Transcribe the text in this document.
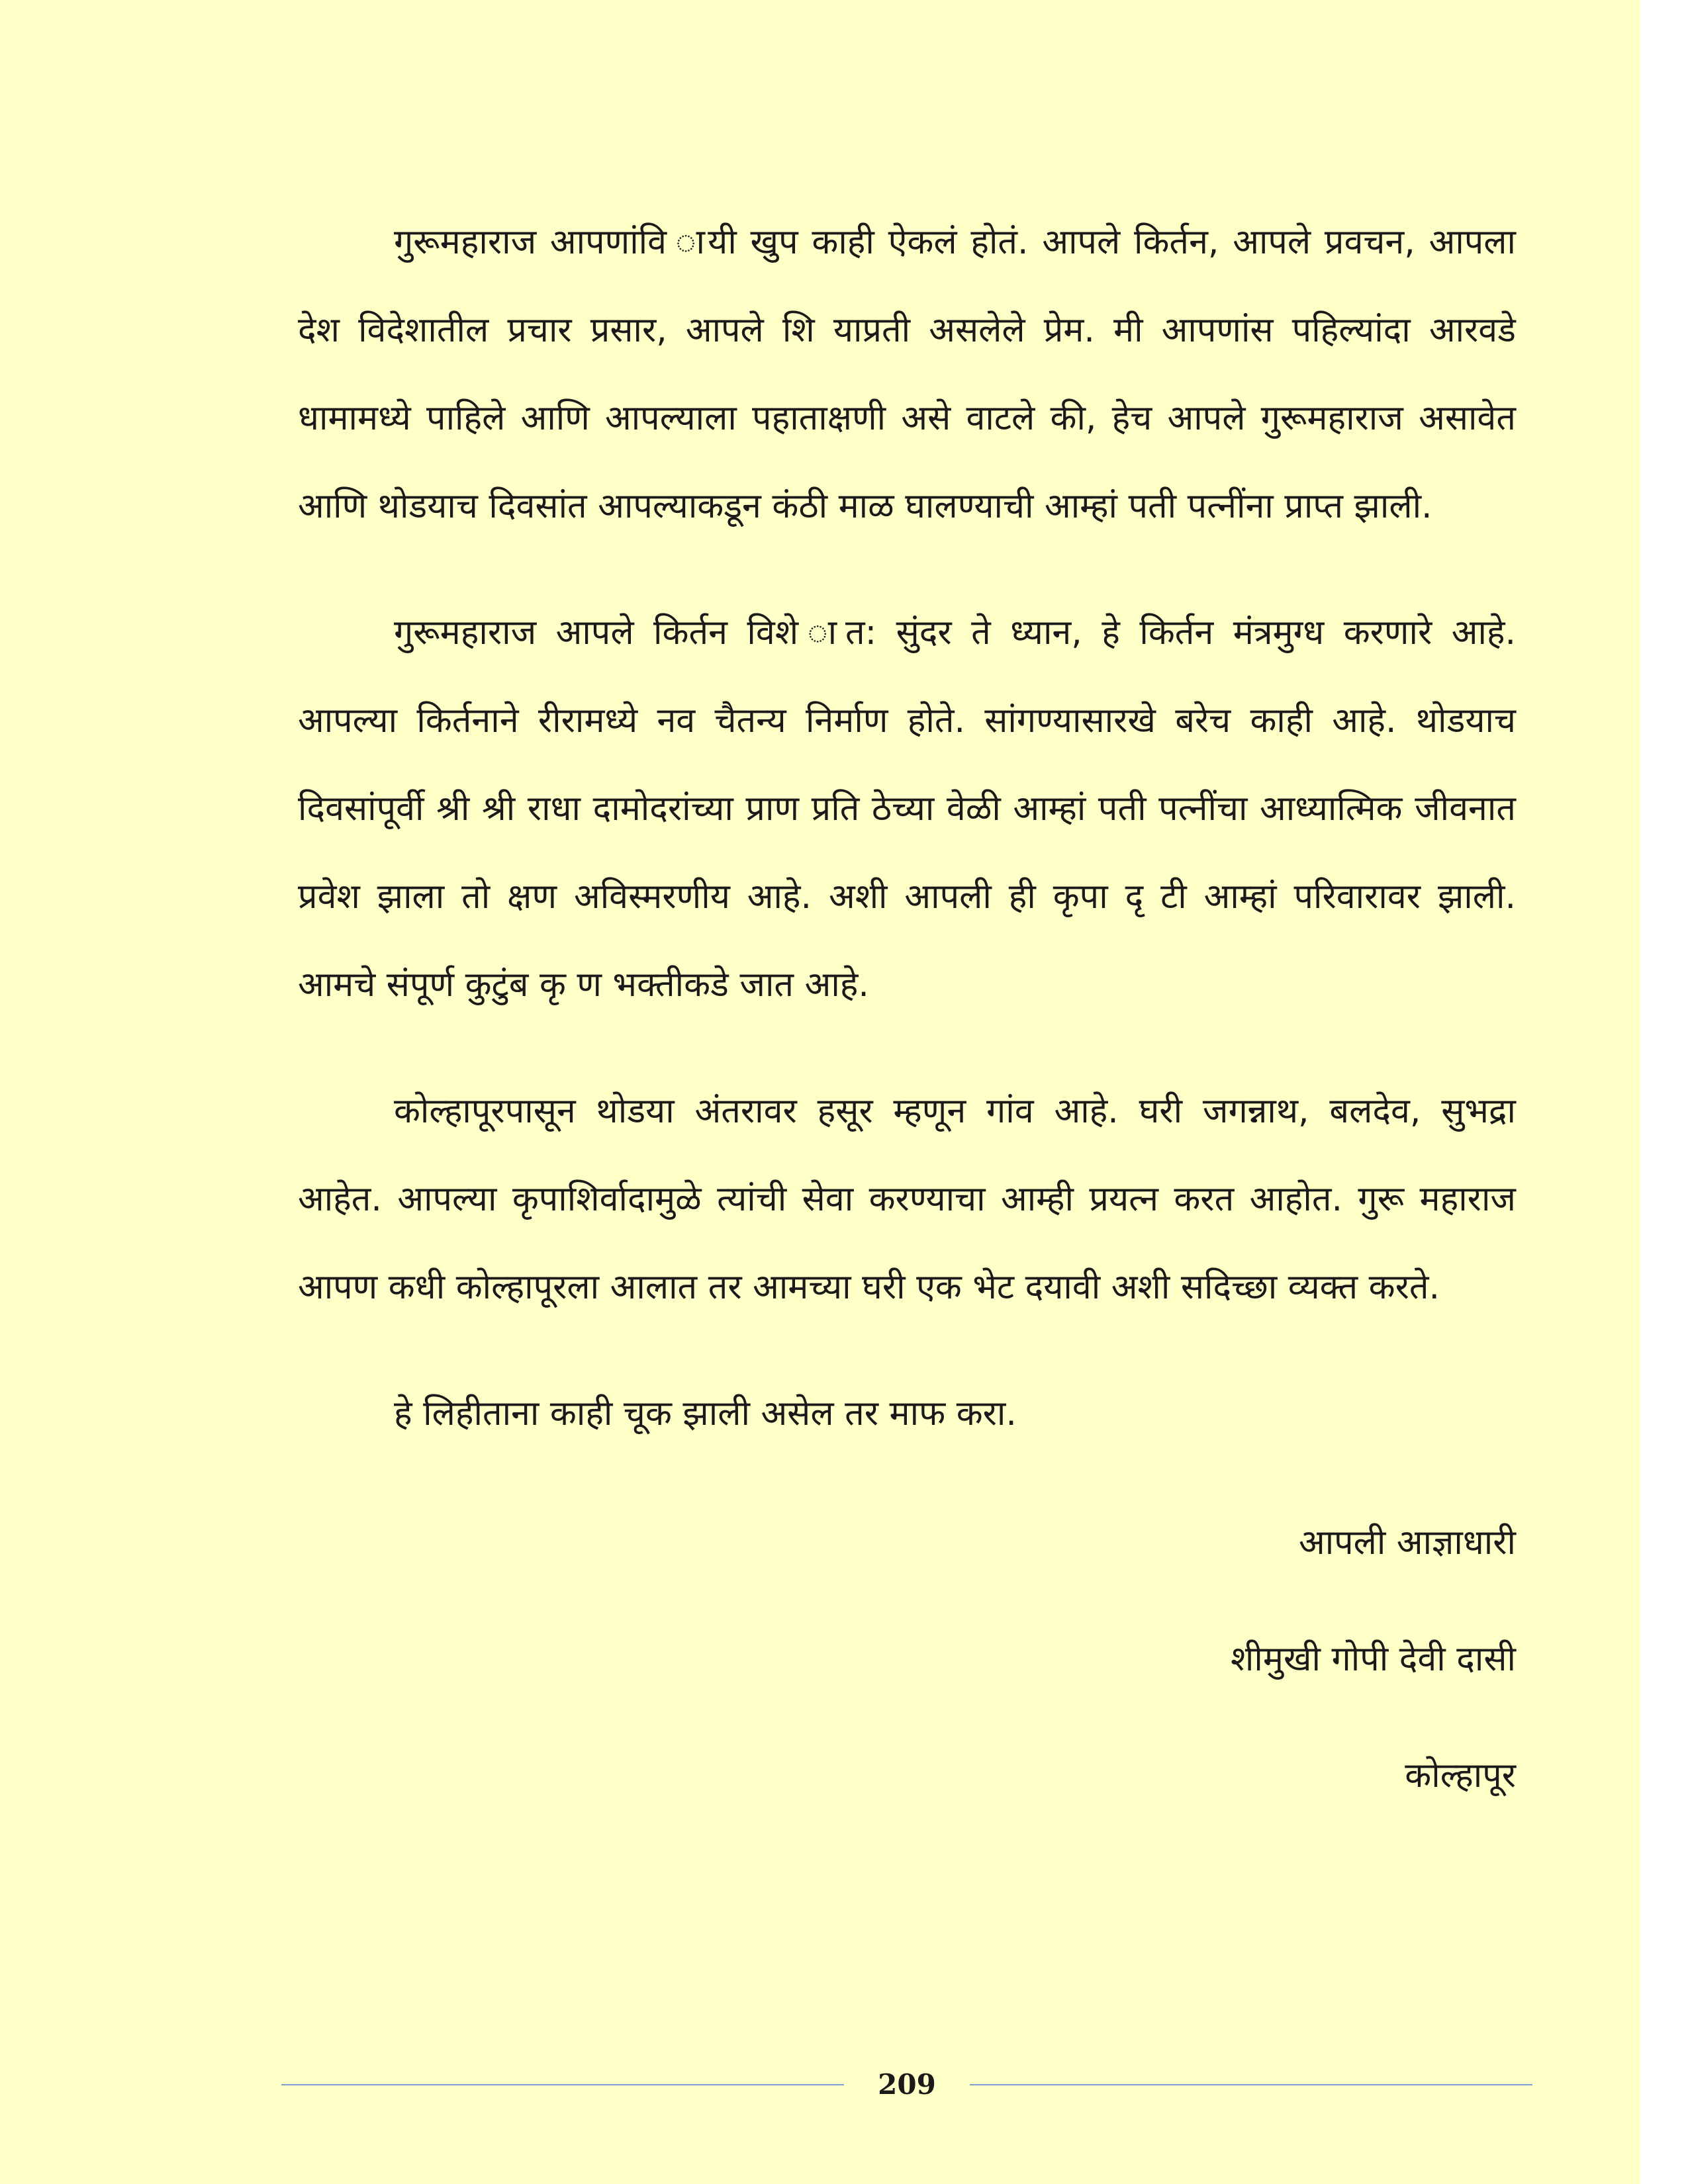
गुरूमहाराज आपणांवि ायी खुप काही ऐकलं होतं. आपले किर्तन, आपले प्रवचन, आपला देश विदेशातील प्रचार प्रसार, आपले शि याप्रती असलेले प्रेम. मी आपणांस पहिल्यांदा आरवडे धामामध्ये पाहिले आणि आपल्याला पहाताक्षणी असे वाटले की, हेच आपले गुरूमहाराज असावेत आणि थोडयाच दिवसांत आपल्याकडून कंठी माळ घालण्याची आम्हां पती पत्नींना प्राप्त झाली.

गुरूमहाराज आपले किर्तन विशे ात: सुंदर ते ध्यान, हे किर्तन मंत्रमुग्ध करणारे आहे. आपल्या किर्तनाने रीरामध्ये नव चैतन्य निर्माण होते. सांगण्यासारखे बरेच काही आहे. थोडयाच दिवसांपूर्वी श्री श्री राधा दामोदरांच्या प्राण प्रति ठेच्या वेळी आम्हां पती पत्नींचा आध्यात्मिक जीवनात प्रवेश झाला तो क्षण अविस्मरणीय आहे. अशी आपली ही कृपा दृ टी आम्हां परिवारावर झाली. आमचे संपूर्ण कुटुंब कृ ण भक्तीकडे जात आहे.

कोल्हापूरपासून थोडया अंतरावर हसूर म्हणून गांव आहे. घरी जगन्नाथ, बलदेव, सुभद्रा आहेत. आपल्या कृपाशिर्वादामुळे त्यांची सेवा करण्याचा आम्ही प्रयत्न करत आहोत. गुरू महाराज आपण कधी कोल्हापूरला आलात तर आमच्या घरी एक भेट दयावी अशी सदिच्छा व्यक्त करते.

हे लिहीताना काही चूक झाली असेल तर माफ करा.

आपली आज्ञाधारी
शीमुखी गोपी देवी दासी
कोल्हापूर
209
